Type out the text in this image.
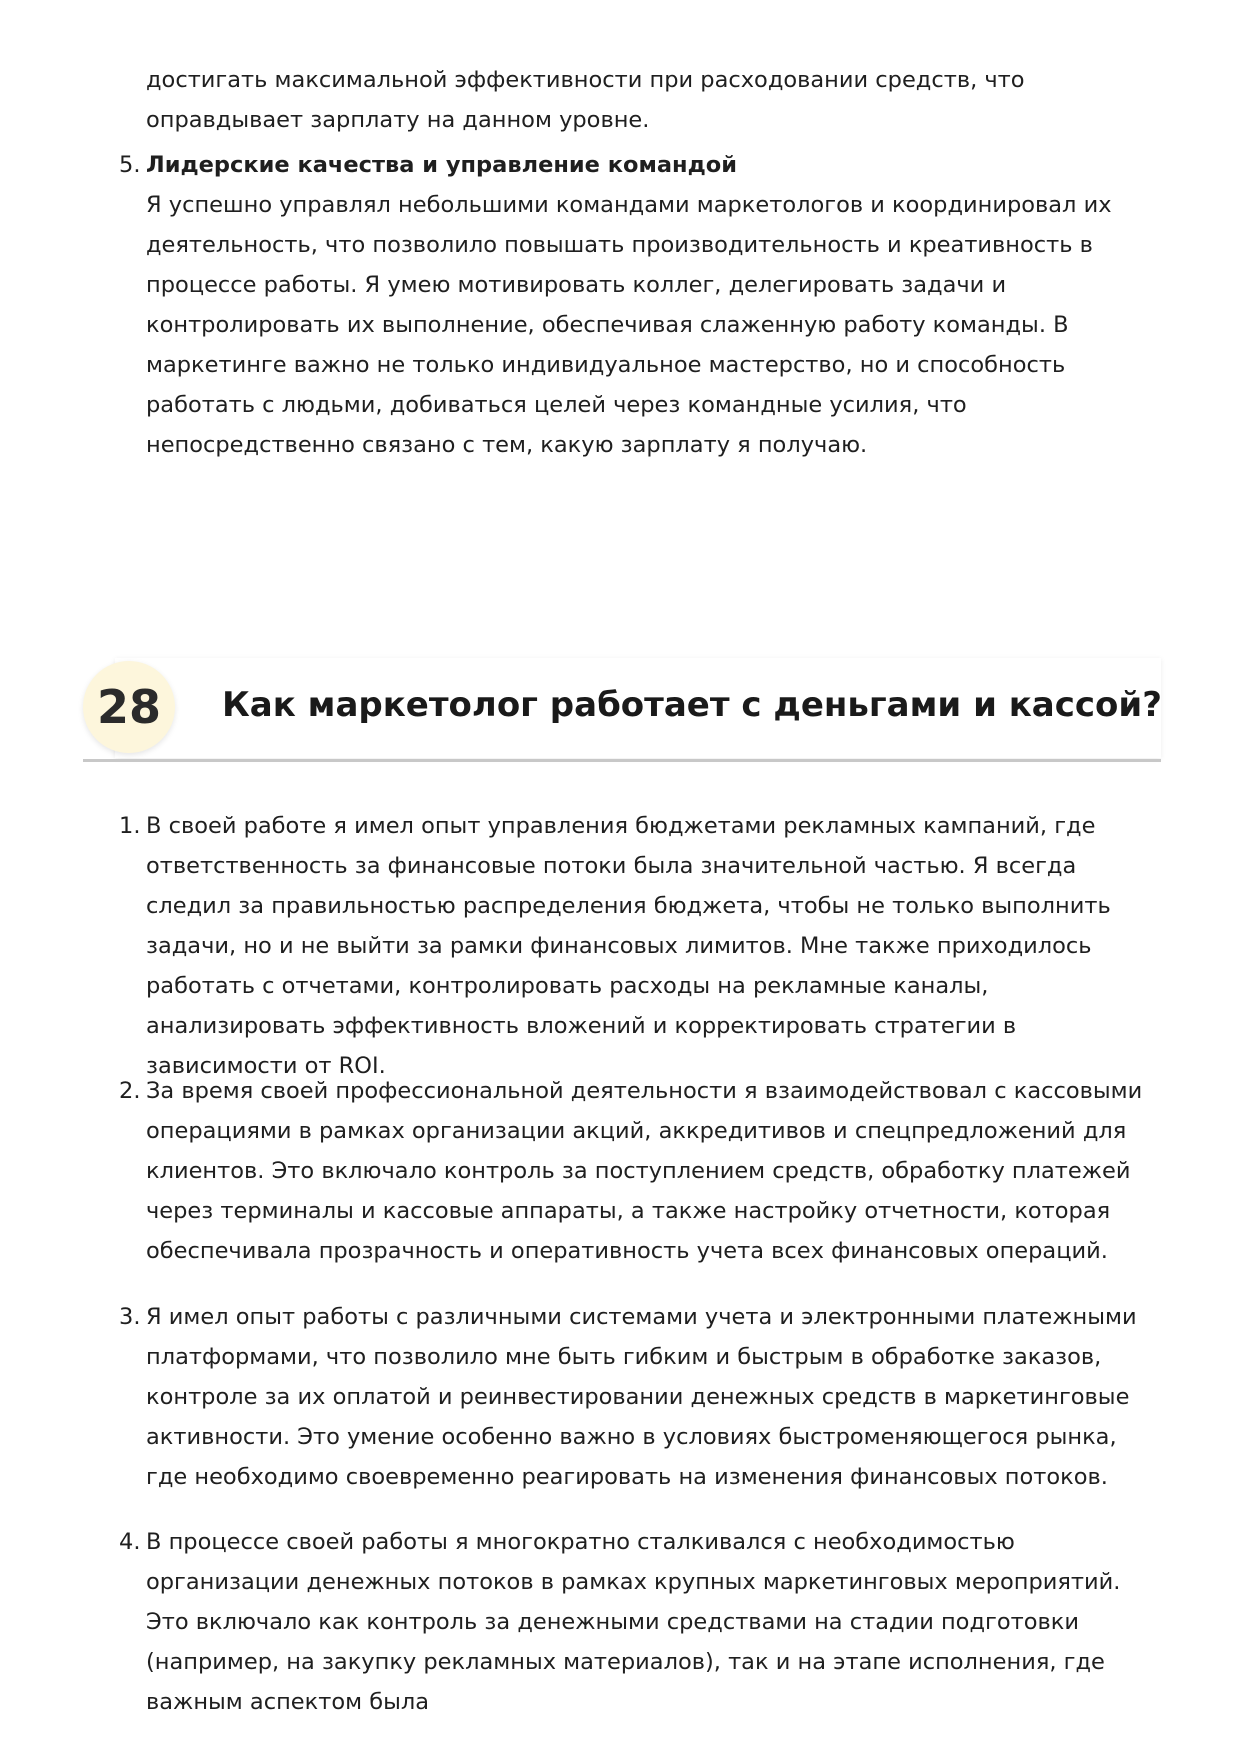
достигать максимальной эффективности при расходовании средств, что оправдывает зарплату на данном уровне.

5. Лидерские качества и управление командой
Я успешно управлял небольшими командами маркетологов и координировал их деятельность, что позволило повышать производительность и креативность в процессе работы. Я умею мотивировать коллег, делегировать задачи и контролировать их выполнение, обеспечивая слаженную работу команды. В маркетинге важно не только индивидуальное мастерство, но и способность работать с людьми, добиваться целей через командные усилия, что непосредственно связано с тем, какую зарплату я получаю.
28	Как маркетолог работает с деньгами и кассой?
1. В своей работе я имел опыт управления бюджетами рекламных кампаний, где ответственность за финансовые потоки была значительной частью. Я всегда следил за правильностью распределения бюджета, чтобы не только выполнить задачи, но и не выйти за рамки финансовых лимитов. Мне также приходилось работать с отчетами, контролировать расходы на рекламные каналы, анализировать эффективность вложений и корректировать стратегии в зависимости от ROI.
2. За время своей профессиональной деятельности я взаимодействовал с кассовыми операциями в рамках организации акций, аккредитивов и спецпредложений для клиентов. Это включало контроль за поступлением средств, обработку платежей через терминалы и кассовые аппараты, а также настройку отчетности, которая обеспечивала прозрачность и оперативность учета всех финансовых операций.
3. Я имел опыт работы с различными системами учета и электронными платежными платформами, что позволило мне быть гибким и быстрым в обработке заказов, контроле за их оплатой и реинвестировании денежных средств в маркетинговые активности. Это умение особенно важно в условиях быстроменяющегося рынка, где необходимо своевременно реагировать на изменения финансовых потоков.
4. В процессе своей работы я многократно сталкивался с необходимостью организации денежных потоков в рамках крупных маркетинговых мероприятий. Это включало как контроль за денежными средствами на стадии подготовки (например, на закупку рекламных материалов), так и на этапе исполнения, где важным аспектом была
